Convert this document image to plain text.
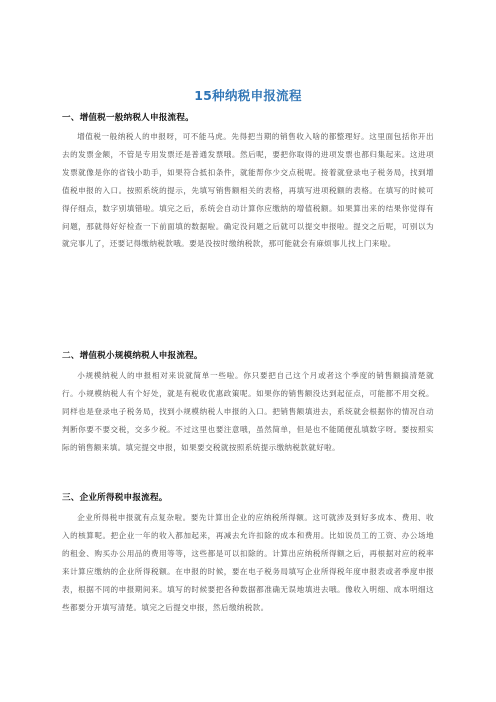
15种纳税申报流程
一、增值税一般纳税人申报流程。

增值税一般纳税人的申报呀，可不能马虎。先得把当期的销售收入啥的都整理好。这里面包括你开出去的发票金额，不管是专用发票还是普通发票哦。然后呢，要把你取得的进项发票也都归集起来。这进项发票就像是你的省钱小助手，如果符合抵扣条件，就能帮你少交点税呢。接着就登录电子税务局，找到增值税申报的入口。按照系统的提示，先填写销售额相关的表格，再填写进项税额的表格。在填写的时候可得仔细点，数字别填错啦。填完之后，系统会自动计算你应缴纳的增值税额。如果算出来的结果你觉得有问题，那就得好好检查一下前面填的数据啦。确定没问题之后就可以提交申报啦。提交之后呢，可别以为就完事儿了，还要记得缴纳税款哦。要是没按时缴纳税款，那可能就会有麻烦事儿找上门来啦。

二、增值税小规模纳税人申报流程。

小规模纳税人的申报相对来说就简单一些啦。你只要把自己这个月或者这个季度的销售额搞清楚就行。小规模纳税人有个好处，就是有税收优惠政策呢。如果你的销售额没达到起征点，可能都不用交税。同样也是登录电子税务局，找到小规模纳税人申报的入口。把销售额填进去，系统就会根据你的情况自动判断你要不要交税，交多少税。不过这里也要注意哦，虽然简单，但是也不能随便乱填数字呀。要按照实际的销售额来填。填完提交申报，如果要交税就按照系统提示缴纳税款就好啦。

三、企业所得税申报流程。

企业所得税申报就有点复杂啦。要先计算出企业的应纳税所得额。这可就涉及到好多成本、费用、收入的核算呢。把企业一年的收入都加起来，再减去允许扣除的成本和费用。比如说员工的工资、办公场地的租金、购买办公用品的费用等等，这些都是可以扣除的。计算出应纳税所得额之后，再根据对应的税率来计算应缴纳的企业所得税额。在申报的时候，要在电子税务局填写企业所得税年度申报表或者季度申报表，根据不同的申报期间来。填写的时候要把各种数据都准确无误地填进去哦。像收入明细、成本明细这些都要分开填写清楚。填完之后提交申报，然后缴纳税款。
